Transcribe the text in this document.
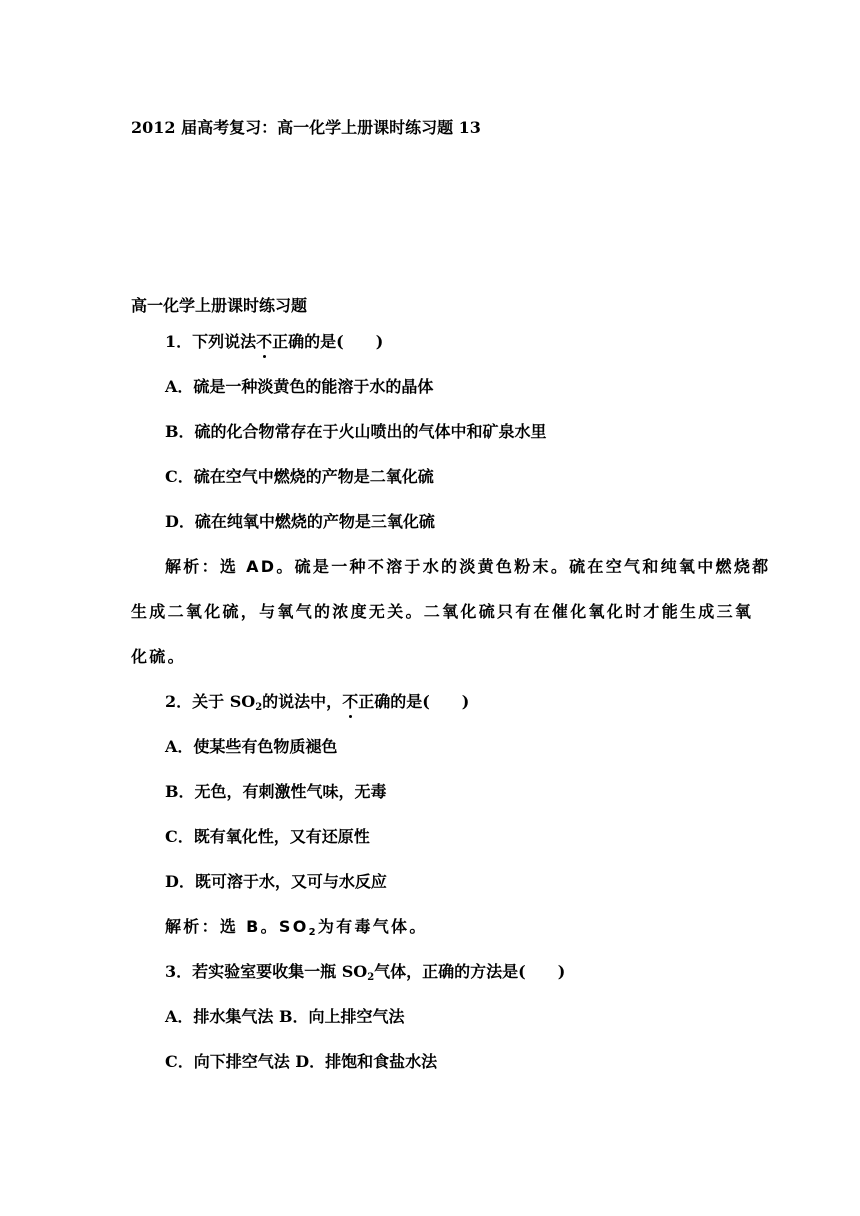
2012 届高考复习：高一化学上册课时练习题 13
高一化学上册课时练习题
1．下列说法不正确的是(　　)
A．硫是一种淡黄色的能溶于水的晶体
B．硫的化合物常存在于火山喷出的气体中和矿泉水里
C．硫在空气中燃烧的产物是二氧化硫
D．硫在纯氧中燃烧的产物是三氧化硫
解析：选 AD。硫是一种不溶于水的淡黄色粉末。硫在空气和纯氧中燃烧都
生成二氧化硫，与氧气的浓度无关。二氧化硫只有在催化氧化时才能生成三氧
化硫。
2．关于 $SO_2$的说法中，不正确的是(　　)
A．使某些有色物质褪色
B．无色，有刺激性气味，无毒
C．既有氧化性，又有还原性
D．既可溶于水，又可与水反应
解析：选 B。$SO_2$为有毒气体。
3．若实验室要收集一瓶 $SO_2$气体，正确的方法是(　　)
A．排水集气法 B．向上排空气法
C．向下排空气法 D．排饱和食盐水法
